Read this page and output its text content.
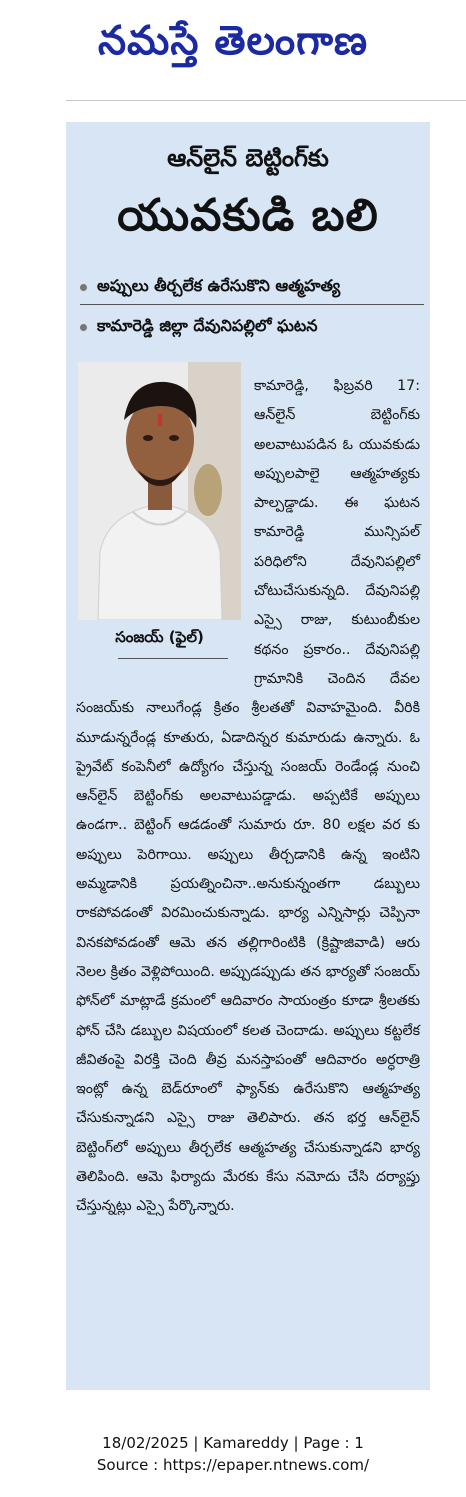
నమస్తే తెలంగాణ
ఆన్‌లైన్ బెట్టింగ్‌కు
యువకుడి బలి
అప్పులు తీర్చలేక ఉరేసుకొని ఆత్మహత్య
కామారెడ్డి జిల్లా దేవునిపల్లిలో ఘటన
కామారెడ్డి, ఫిబ్రవరి 17: ఆన్‌లైన్ బెట్టింగ్‌కు అలవాటుపడిన ఓ యువకుడు అప్పులపాలై ఆత్మహత్యకు పాల్పడ్డాడు. ఈ ఘటన కామారెడ్డి మున్సిపల్ పరిధిలోని దేవునిపల్లిలో చోటుచేసుకున్నది. దేవునిపల్లి ఎస్సై రాజు, కుటుంబీకుల కథనం ప్రకారం.. దేవునిపల్లి గ్రామానికి చెందిన దేవల సంజయ్‌కు నాలుగేండ్ల క్రితం శ్రీలతతో వివాహమైంది. వీరికి మూడున్నరేండ్ల కూతురు, ఏడాదిన్నర కుమారుడు ఉన్నారు. ఓ ప్రైవేట్ కంపెనీలో ఉద్యోగం చేస్తున్న సంజయ్ రెండేండ్ల నుంచి ఆన్‌లైన్ బెట్టింగ్‌కు అలవాటుపడ్డాడు. అప్పటికే అప్పులు ఉండగా.. బెట్టింగ్ ఆడడంతో సుమారు రూ. 80 లక్షల వర కు అప్పులు పెరిగాయి. అప్పులు తీర్చడానికి ఉన్న ఇంటిని అమ్మడానికి ప్రయత్నించినా..అనుకున్నంతగా డబ్బులు రాకపోవడంతో విరమించుకున్నాడు. భార్య ఎన్నిసార్లు చెప్పినా వినకపోవడంతో ఆమె తన తల్లిగారింటికి (క్రిష్టాజివాడి) ఆరు నెలల క్రితం వెళ్లిపోయింది. అప్పుడప్పుడు తన భార్యతో సంజయ్ ఫోన్‌లో మాట్లాడే క్రమంలో ఆదివారం సాయంత్రం కూడా శ్రీలతకు ఫోన్ చేసి డబ్బుల విషయంలో కలత చెందాడు. అప్పులు కట్టలేక జీవితంపై విరక్తి చెంది తీవ్ర మనస్తాపంతో ఆదివారం అర్ధరాత్రి ఇంట్లో ఉన్న బెడ్‌రూంలో ఫ్యాన్‌కు ఉరేసుకొని ఆత్మహత్య చేసుకున్నాడని ఎస్సై రాజు తెలిపారు. తన భర్త ఆన్‌లైన్ బెట్టింగ్‌లో అప్పులు తీర్చలేక ఆత్మహత్య చేసుకున్నాడని భార్య తెలిపింది. ఆమె ఫిర్యాదు మేరకు కేసు నమోదు చేసి దర్యాప్తు చేస్తున్నట్లు ఎస్సై పేర్కొన్నారు.
సంజయ్ (ఫైల్)
18/02/2025 | Kamareddy | Page : 1
Source : https://epaper.ntnews.com/
